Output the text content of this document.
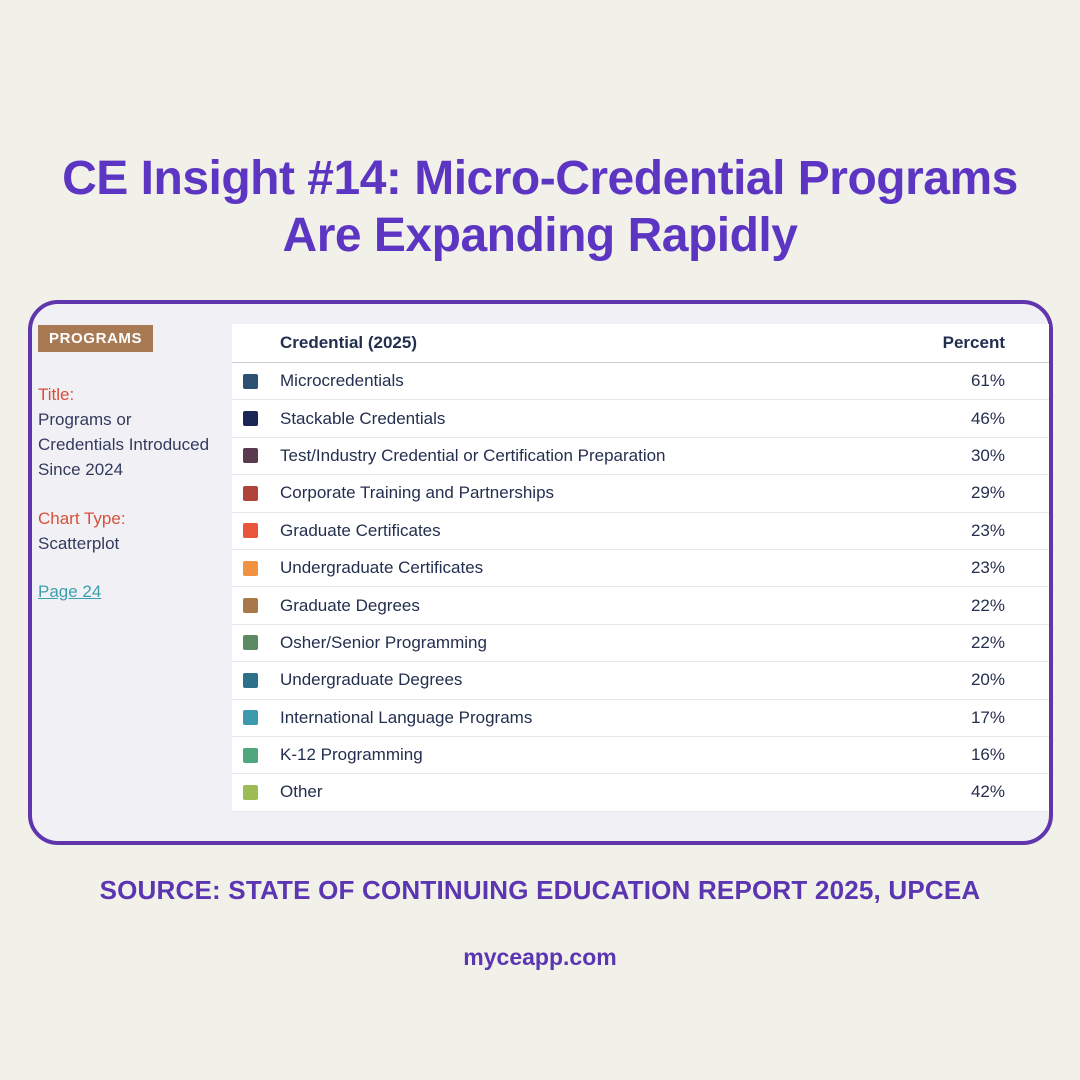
CE Insight #14: Micro-Credential Programs
Are Expanding Rapidly
PROGRAMS
Title:
Programs or Credentials Introduced Since 2024
Chart Type:
Scatterplot
Page 24
Credential (2025)	Percent
Microcredentials	61%
Stackable Credentials	46%
Test/Industry Credential or Certification Preparation	30%
Corporate Training and Partnerships	29%
Graduate Certificates	23%
Undergraduate Certificates	23%
Graduate Degrees	22%
Osher/Senior Programming	22%
Undergraduate Degrees	20%
International Language Programs	17%
K-12 Programming	16%
Other	42%
SOURCE: STATE OF CONTINUING EDUCATION REPORT 2025, UPCEA
myceapp.com
